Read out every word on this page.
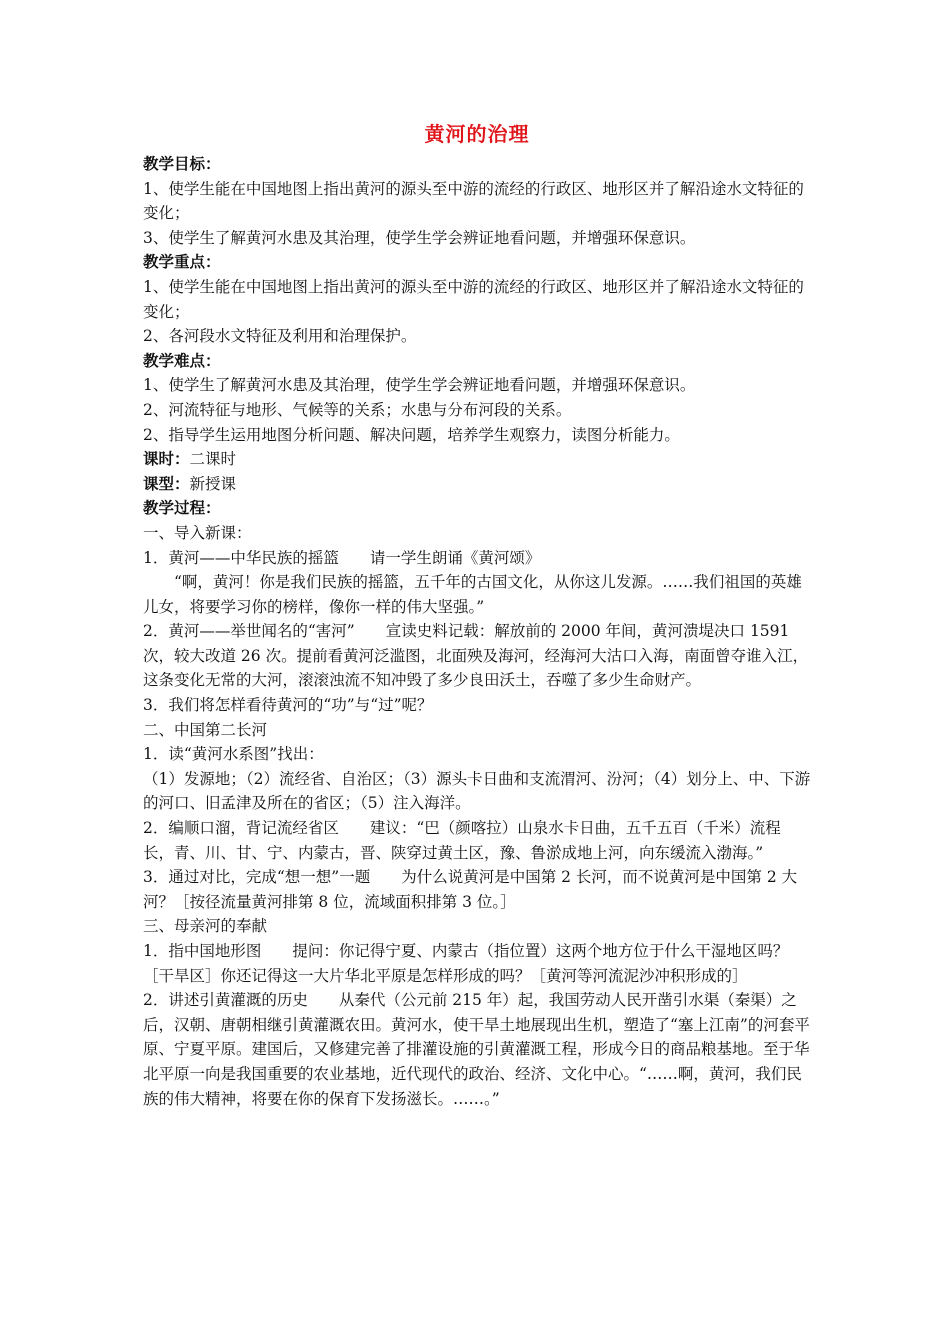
黄河的治理

教学目标：

1、使学生能在中国地图上指出黄河的源头至中游的流经的行政区、地形区并了解沿途水文特征的变化；

3、使学生了解黄河水患及其治理，使学生学会辨证地看问题，并增强环保意识。

教学重点：

1、使学生能在中国地图上指出黄河的源头至中游的流经的行政区、地形区并了解沿途水文特征的变化；

2、各河段水文特征及利用和治理保护。

教学难点：

1、使学生了解黄河水患及其治理，使学生学会辨证地看问题，并增强环保意识。

2、河流特征与地形、气候等的关系；水患与分布河段的关系。

2、指导学生运用地图分析问题、解决问题，培养学生观察力，读图分析能力。

课时：二课时

课型：新授课

教学过程：

一、导入新课：

1．黄河——中华民族的摇篮　　请一学生朗诵《黄河颂》

“啊，黄河！你是我们民族的摇篮，五千年的古国文化，从你这儿发源。……我们祖国的英雄儿女，将要学习你的榜样，像你一样的伟大坚强。”

2．黄河——举世闻名的“害河”　　宣读史料记载：解放前的 2000 年间，黄河溃堤决口 1591 次，较大改道 26 次。提前看黄河泛滥图，北面殃及海河，经海河大沽口入海，南面曾夺谁入江，这条变化无常的大河，滚滚浊流不知冲毁了多少良田沃土，吞噬了多少生命财产。

3．我们将怎样看待黄河的“功”与“过”呢？

二、中国第二长河

1．读“黄河水系图”找出：

（1）发源地；（2）流经省、自治区；（3）源头卡日曲和支流渭河、汾河；（4）划分上、中、下游的河口、旧孟津及所在的省区；（5）注入海洋。

2．编顺口溜，背记流经省区　　建议：“巴（颜喀拉）山泉水卡日曲，五千五百（千米）流程长，青、川、甘、宁、内蒙古，晋、陕穿过黄土区，豫、鲁淤成地上河，向东缓流入渤海。”

3．通过对比，完成“想一想”一题　　为什么说黄河是中国第 2 长河，而不说黄河是中国第 2 大河？［按径流量黄河排第 8 位，流域面积排第 3 位。］

三、母亲河的奉献

1．指中国地形图　　提问：你记得宁夏、内蒙古（指位置）这两个地方位于什么干湿地区吗？［干旱区］你还记得这一大片华北平原是怎样形成的吗？［黄河等河流泥沙冲积形成的］

2．讲述引黄灌溉的历史　　从秦代（公元前 215 年）起，我国劳动人民开凿引水渠（秦渠）之后，汉朝、唐朝相继引黄灌溉农田。黄河水，使干旱土地展现出生机，塑造了“塞上江南”的河套平原、宁夏平原。建国后，又修建完善了排灌设施的引黄灌溉工程，形成今日的商品粮基地。至于华北平原一向是我国重要的农业基地，近代现代的政治、经济、文化中心。“……啊，黄河，我们民族的伟大精神，将要在你的保育下发扬滋长。……。”
